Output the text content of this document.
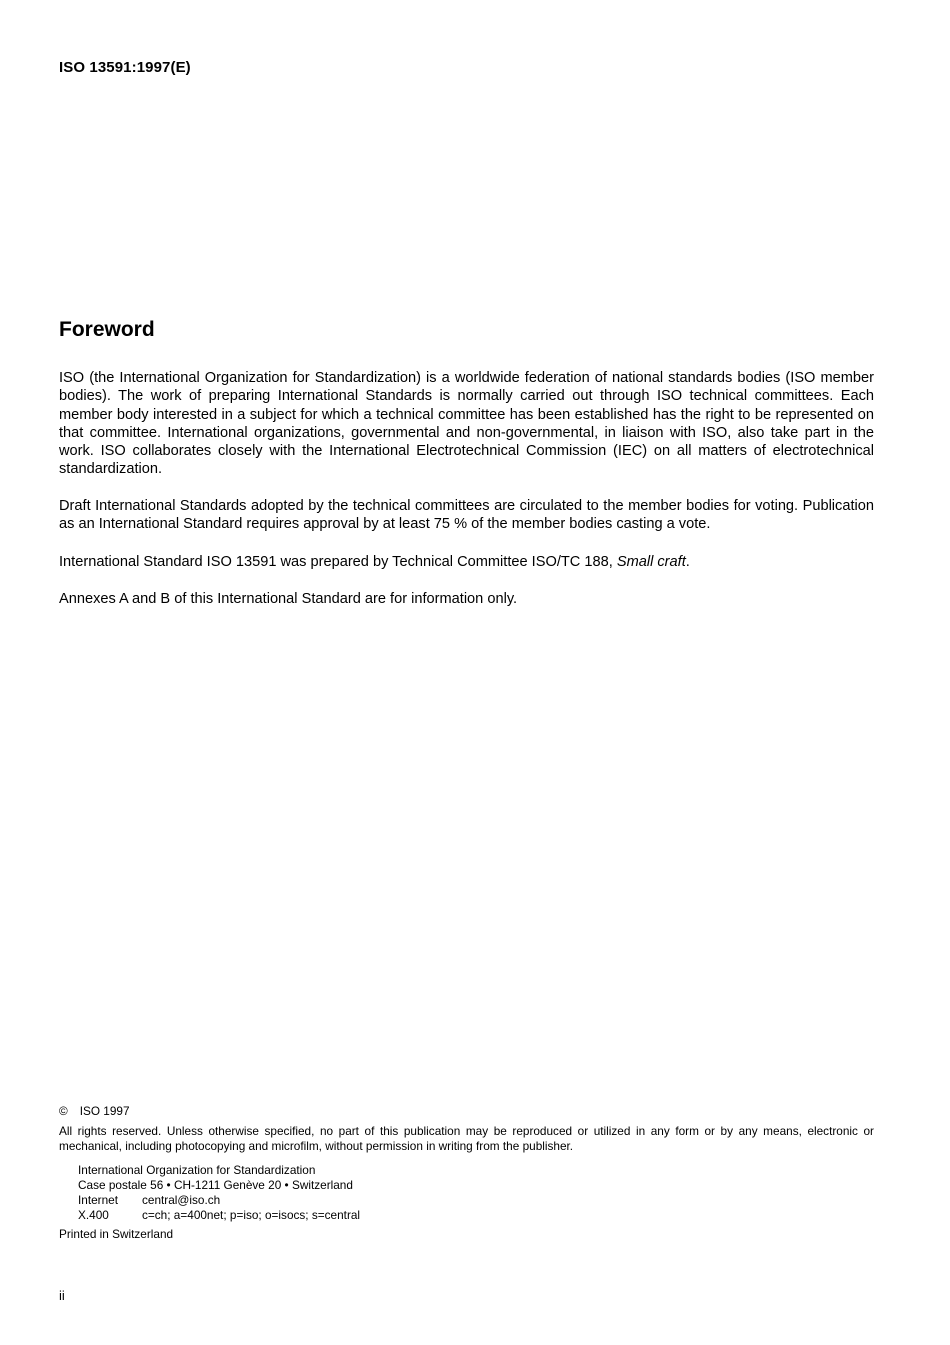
ISO 13591:1997(E)
Foreword

ISO (the International Organization for Standardization) is a worldwide federation of national standards bodies (ISO member bodies). The work of preparing International Standards is normally carried out through ISO technical committees. Each member body interested in a subject for which a technical committee has been established has the right to be represented on that committee. International organizations, governmental and non-governmental, in liaison with ISO, also take part in the work. ISO collaborates closely with the International Electrotechnical Commission (IEC) on all matters of electrotechnical standardization.

Draft International Standards adopted by the technical committees are circulated to the member bodies for voting. Publication as an International Standard requires approval by at least 75 % of the member bodies casting a vote.

International Standard ISO 13591 was prepared by Technical Committee ISO/TC 188, Small craft.

Annexes A and B of this International Standard are for information only.

© ISO 1997

All rights reserved. Unless otherwise specified, no part of this publication may be reproduced or utilized in any form or by any means, electronic or mechanical, including photocopying and microfilm, without permission in writing from the publisher.

International Organization for Standardization
Case postale 56 • CH-1211 Genève 20 • Switzerland
Internet	central@iso.ch
X.400	c=ch; a=400net; p=iso; o=isocs; s=central

Printed in Switzerland

ii
